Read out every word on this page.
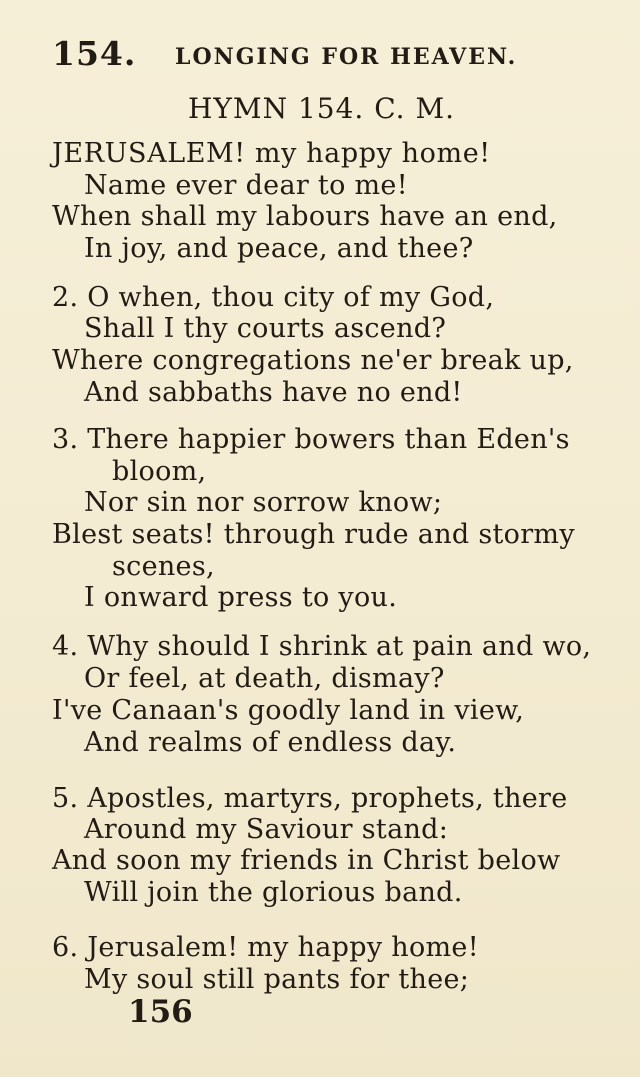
154. LONGING FOR HEAVEN.
HYMN 154. C. M.
JERUSALEM! my happy home!
Name ever dear to me!
When shall my labours have an end,
In joy, and peace, and thee?
2. O when, thou city of my God,
Shall I thy courts ascend?
Where congregations ne'er break up,
And sabbaths have no end!
3. There happier bowers than Eden's
bloom,
Nor sin nor sorrow know;
Blest seats! through rude and stormy
scenes,
I onward press to you.
4. Why should I shrink at pain and wo,
Or feel, at death, dismay?
I've Canaan's goodly land in view,
And realms of endless day.
5. Apostles, martyrs, prophets, there
Around my Saviour stand:
And soon my friends in Christ below
Will join the glorious band.
6. Jerusalem! my happy home!
My soul still pants for thee;
156
